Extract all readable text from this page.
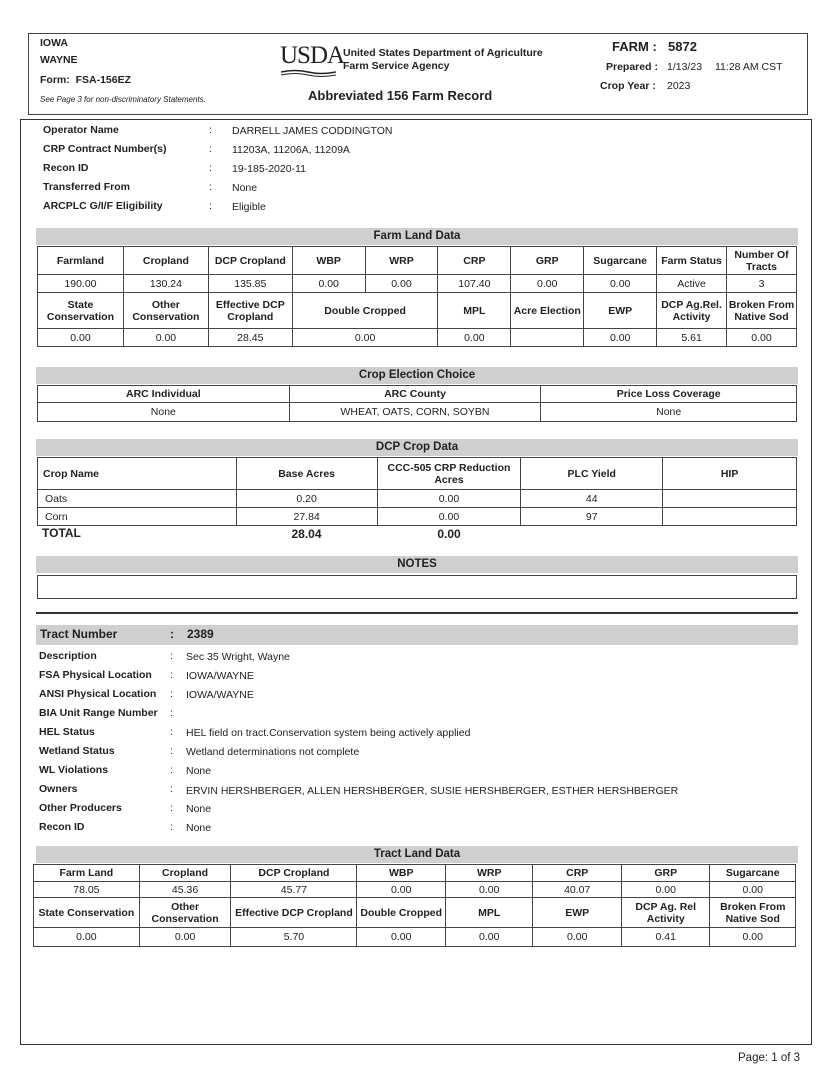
IOWA
WAYNE
Form: FSA-156EZ
See Page 3 for non-discriminatory Statements.
USDA
United States Department of Agriculture
Farm Service Agency
Abbreviated 156 Farm Record
FARM : 5872
Prepared : 1/13/23 11:28 AM CST
Crop Year : 2023
Operator Name	: DARRELL JAMES CODDINGTON
CRP Contract Number(s)	: 11203A, 11206A, 11209A
Recon ID	: 19-185-2020-11
Transferred From	: None
ARCPLC G/I/F Eligibility	: Eligible
Farm Land Data
Farmland	Cropland	DCP Cropland	WBP	WRP	CRP	GRP	Sugarcane	Farm Status	Number Of Tracts
190.00	130.24	135.85	0.00	0.00	107.40	0.00	0.00	Active	3
State Conservation	Other Conservation	Effective DCP Cropland	Double Cropped		MPL	Acre Election	EWP	DCP Ag.Rel. Activity	Broken From Native Sod
0.00	0.00	28.45	0.00		0.00		0.00	5.61	0.00
Crop Election Choice
ARC Individual	ARC County	Price Loss Coverage
None	WHEAT, OATS, CORN, SOYBN	None
DCP Crop Data
Crop Name	Base Acres	CCC-505 CRP Reduction Acres	PLC Yield	HIP
Oats	0.20	0.00	44	
Corn	27.84	0.00	97	
TOTAL	28.04	0.00
NOTES
Tract Number	: 2389
Description	: Sec 35 Wright, Wayne
FSA Physical Location : IOWA/WAYNE
ANSI Physical Location : IOWA/WAYNE
BIA Unit Range Number :
HEL Status	: HEL field on tract.Conservation system being actively applied
Wetland Status	: Wetland determinations not complete
WL Violations	: None
Owners	: ERVIN HERSHBERGER, ALLEN HERSHBERGER, SUSIE HERSHBERGER, ESTHER HERSHBERGER
Other Producers	: None
Recon ID	: None
Tract Land Data
Farm Land	Cropland	DCP Cropland	WBP	WRP	CRP	GRP	Sugarcane
78.05	45.36	45.77	0.00	0.00	40.07	0.00	0.00
State Conservation	Other Conservation	Effective DCP Cropland	Double Cropped	MPL	EWP	DCP Ag. Rel Activity	Broken From Native Sod
0.00	0.00	5.70	0.00	0.00	0.00	0.41	0.00
Page: 1 of 3
